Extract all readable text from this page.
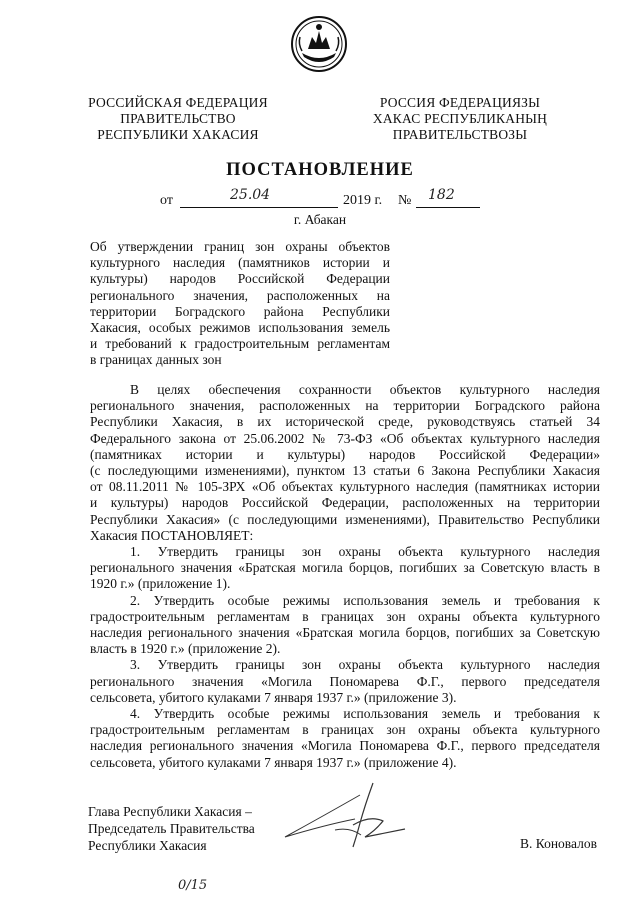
РОССИЙСКАЯ ФЕДЕРАЦИЯ
ПРАВИТЕЛЬСТВО
РЕСПУБЛИКИ ХАКАСИЯ
РОССИЯ ФЕДЕРАЦИЯЗЫ
ХАКАС РЕСПУБЛИКАНЫҢ
ПРАВИТЕЛЬСТВОЗЫ
ПОСТАНОВЛЕНИЕ
от	25.04	2019 г. № 182
г. Абакан
Об утверждении границ зон охраны объектов
культурного наследия (памятников истории и
культуры) народов Российской Федерации
регионального значения, расположенных на
территории Боградского района Республики
Хакасия, особых режимов использования земель
и требований к градостроительным регламентам
в границах данных зон
В целях обеспечения сохранности объектов культурного наследия
регионального значения, расположенных на территории Боградского района
Республики Хакасия, в их исторической среде, руководствуясь статьей 34
Федерального закона от 25.06.2002 № 73-ФЗ «Об объектах культурного наследия
(памятниках истории и культуры) народов Российской Федерации»
(с последующими изменениями), пунктом 13 статьи 6 Закона Республики Хакасия
от 08.11.2011 № 105-ЗРХ «Об объектах культурного наследия (памятниках истории
и культуры) народов Российской Федерации, расположенных на территории
Республики Хакасия» (с последующими изменениями), Правительство Республики
Хакасия ПОСТАНОВЛЯЕТ:
1. Утвердить границы зон охраны объекта культурного наследия
регионального значения «Братская могила борцов, погибших за Советскую власть в
1920 г.» (приложение 1).
2. Утвердить особые режимы использования земель и требования к
градостроительным регламентам в границах зон охраны объекта культурного
наследия регионального значения «Братская могила борцов, погибших за Советскую
власть в 1920 г.» (приложение 2).
3. Утвердить границы зон охраны объекта культурного наследия
регионального значения «Могила Пономарева Ф.Г., первого председателя
сельсовета, убитого кулаками 7 января 1937 г.» (приложение 3).
4. Утвердить особые режимы использования земель и требования к
градостроительным регламентам в границах зон охраны объекта культурного
наследия регионального значения «Могила Пономарева Ф.Г., первого председателя
сельсовета, убитого кулаками 7 января 1937 г.» (приложение 4).
Глава Республики Хакасия –
Председатель Правительства
Республики Хакасия	В. Коновалов
0/15
